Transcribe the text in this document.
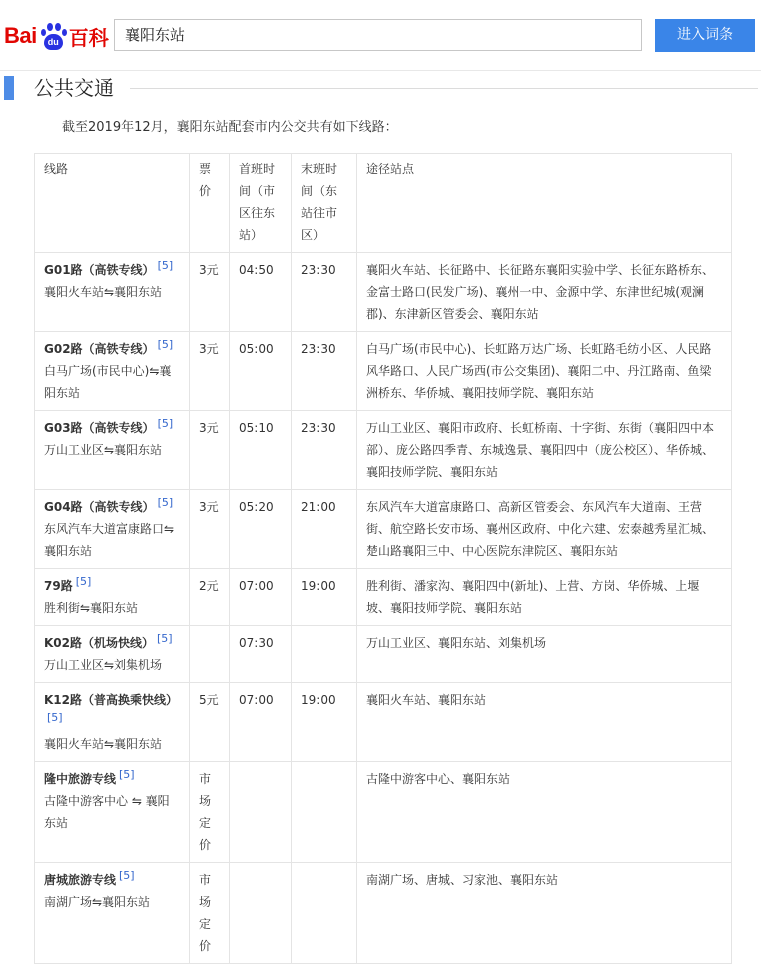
Bai	du 百科	襄阳东站	进入词条
公共交通
截至2019年12月，襄阳东站配套市内公交共有如下线路：
线路	票价	首班时间（市区往东站）	末班时间（东站往市区）	途径站点
G01路（高铁专线） [5]
襄阳火车站⇋襄阳东站	3元	04:50	23:30	襄阳火车站、长征路中、长征路东襄阳实验中学、长征东路桥东、金富士路口(民发广场)、襄州一中、金源中学、东津世纪城(观澜郡)、东津新区管委会、襄阳东站
G02路（高铁专线） [5]
白马广场(市民中心)⇋襄阳东站	3元	05:00	23:30	白马广场(市民中心)、长虹路万达广场、长虹路毛纺小区、人民路风华路口、人民广场西(市公交集团)、襄阳二中、丹江路南、鱼梁洲桥东、华侨城、襄阳技师学院、襄阳东站
G03路（高铁专线） [5]
万山工业区⇋襄阳东站	3元	05:10	23:30	万山工业区、襄阳市政府、长虹桥南、十字街、东街（襄阳四中本部）、庞公路四季青、东城逸景、襄阳四中（庞公校区）、华侨城、襄阳技师学院、襄阳东站
G04路（高铁专线） [5]
东风汽车大道富康路口⇋襄阳东站	3元	05:20	21:00	东风汽车大道富康路口、高新区管委会、东风汽车大道南、王营街、航空路长安市场、襄州区政府、中化六建、宏泰越秀星汇城、楚山路襄阳三中、中心医院东津院区、襄阳东站
79路 [5]
胜利街⇋襄阳东站	2元	07:00	19:00	胜利街、潘家沟、襄阳四中(新址)、上营、方岗、华侨城、上堰坡、襄阳技师学院、襄阳东站
K02路（机场快线） [5]
万山工业区⇋刘集机场		07:30		万山工业区、襄阳东站、刘集机场
K12路（普高换乘快线）[5]
襄阳火车站⇋襄阳东站	5元	07:00	19:00	襄阳火车站、襄阳东站
隆中旅游专线 [5]
古隆中游客中心 ⇋ 襄阳东站	市场定价			古隆中游客中心、襄阳东站
唐城旅游专线 [5]
南湖广场⇋襄阳东站	市场定价			南湖广场、唐城、习家池、襄阳东站
